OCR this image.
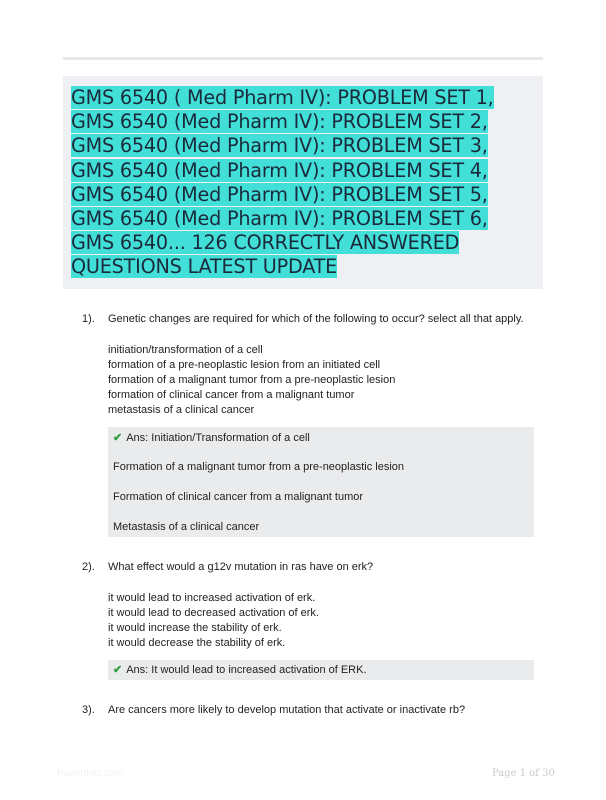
GMS 6540 ( Med Pharm IV): PROBLEM SET 1,
GMS 6540 (Med Pharm IV): PROBLEM SET 2,
GMS 6540 (Med Pharm IV): PROBLEM SET 3,
GMS 6540 (Med Pharm IV): PROBLEM SET 4,
GMS 6540 (Med Pharm IV): PROBLEM SET 5,
GMS 6540 (Med Pharm IV): PROBLEM SET 6,
GMS 6540... 126 CORRECTLY ANSWERED
QUESTIONS LATEST UPDATE
1). Genetic changes are required for which of the following to occur? select all that apply.
initiation/transformation of a cell
formation of a pre-neoplastic lesion from an initiated cell
formation of a malignant tumor from a pre-neoplastic lesion
formation of clinical cancer from a malignant tumor
metastasis of a clinical cancer
✔ Ans: Initiation/Transformation of a cell
Formation of a malignant tumor from a pre-neoplastic lesion
Formation of clinical cancer from a malignant tumor
Metastasis of a clinical cancer
2). What effect would a g12v mutation in ras have on erk?
it would lead to increased activation of erk.
it would lead to decreased activation of erk.
it would increase the stability of erk.
it would decrease the stability of erk.
✔ Ans: It would lead to increased activation of ERK.
3). Are cancers more likely to develop mutation that activate or inactivate rb?
Paperthlic.com	Page 1 of 30
